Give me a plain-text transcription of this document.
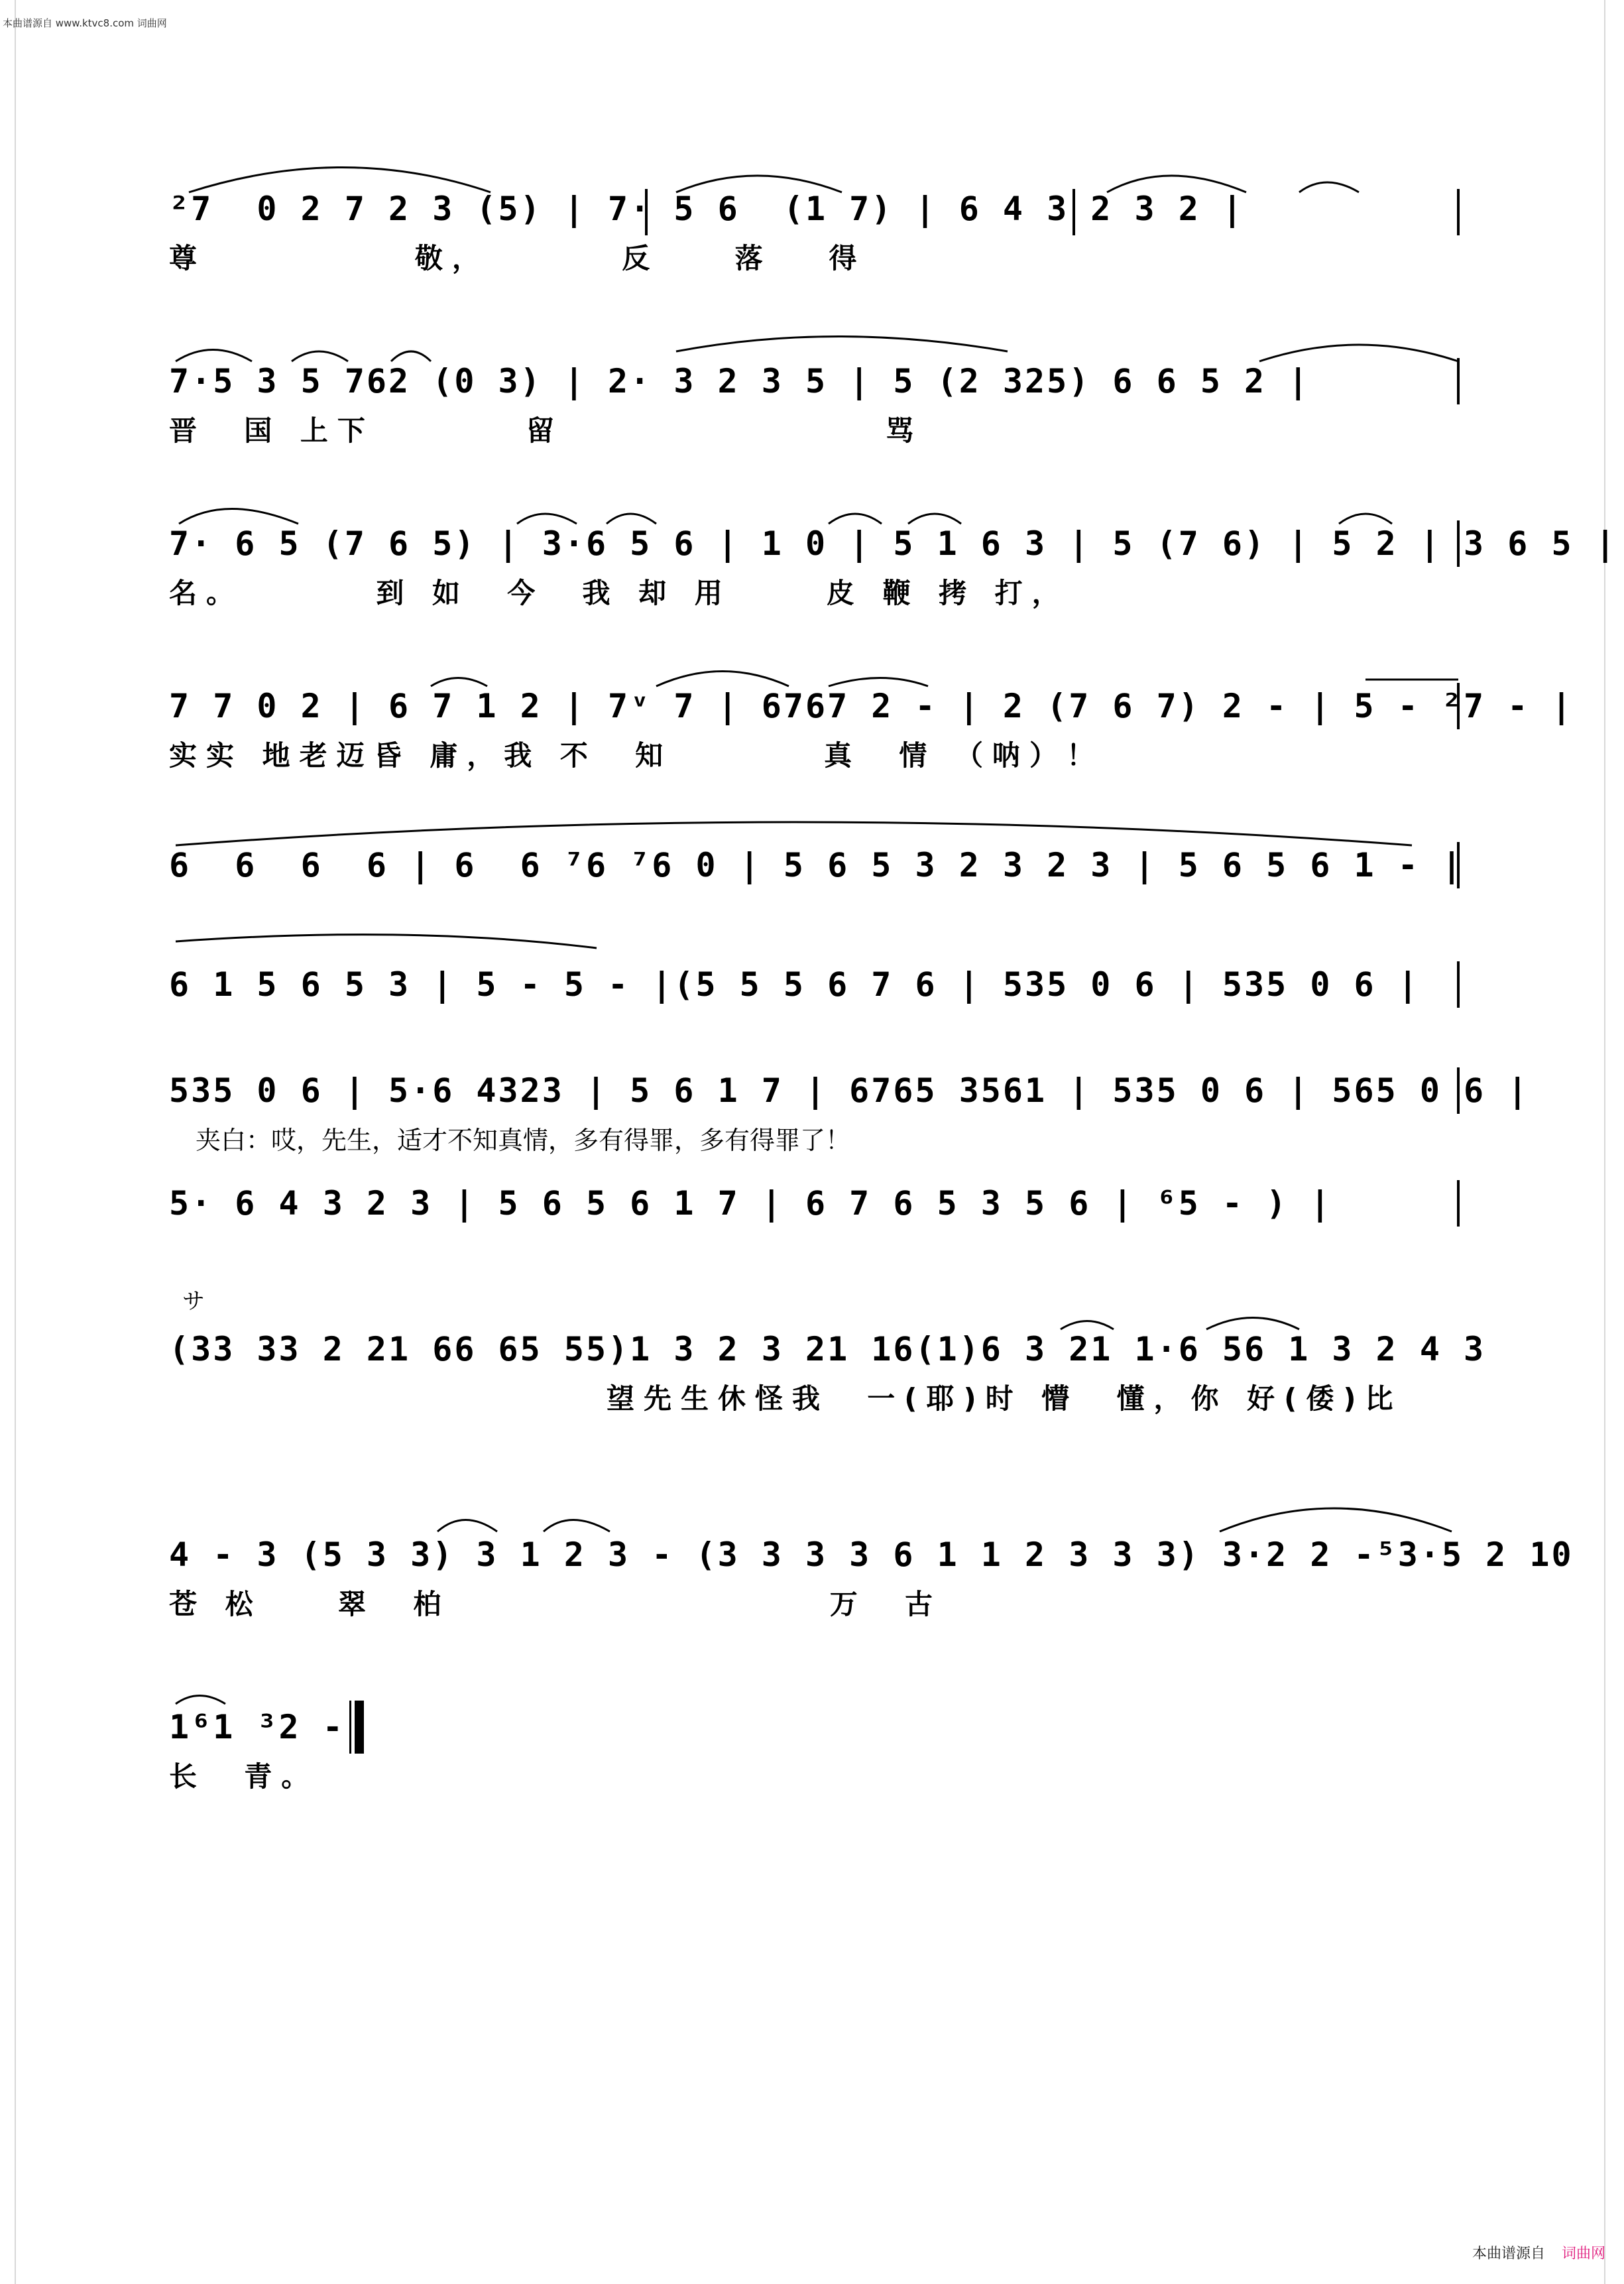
本曲谱源自 www.ktvc8.com 词曲网
²7  0 2 7 2 3 (5) | 7· 5 6  (1 7) | 6 4 3 2 3 2 |
尊           敬，       反    落   得
7·5 3 5 762 (0 3) | 2· 3 2 3 5 | 5 (2 325) 6 6 5 2 |
晋  国 上下        留                 骂
7· 6 5 (7 6 5) | 3·6 5 6 | 1 0 | 5 1 6 3 | 5 (7 6) | 5 2 | 3 6 5 |
名。       到 如  今  我 却 用     皮 鞭 拷 打，
7 7 0 2 | 6 7 1 2 | 7ᵛ 7 | 6767 2 - | 2 (7 6 7) 2 - | 5 - ²7 - |
实实 地老迈昏 庸，我 不  知        真  情 （呐）！
6  6  6  6 | 6  6 ⁷6 ⁷6 0 | 5 6 5 3 2 3 2 3 | 5 6 5 6 1 - |
6 1 5 6 5 3 | 5 - 5 - |(5 5 5 6 7 6 | 535 0 6 | 535 0 6 |
535 0 6 | 5·6 4323 | 5 6 1 7 | 6765 3561 | 535 0 6 | 565 0 6 |
夹白：哎，先生，适才不知真情，多有得罪，多有得罪了！
5· 6 4 3 2 3 | 5 6 5 6 1 7 | 6 7 6 5 3 5 6 | ⁶5 - ) |
サ
(33 33 2 21 66 65 55)1 3 2 3 21 16(1)6 3 21 1·6 56 1 3 2 4 3
望先生休怪我  一(耶)时 懵  懂，你 好(倭)比
4 - 3 (5 3 3) 3 1 2 3 - (3 3 3 3 6 1 1 2 3 3 3) 3·2 2 -⁵3·5 2 10
苍 松    翠  柏                    万  古
1⁶1 ³2 -
长  青。
本曲谱源自 词曲网
